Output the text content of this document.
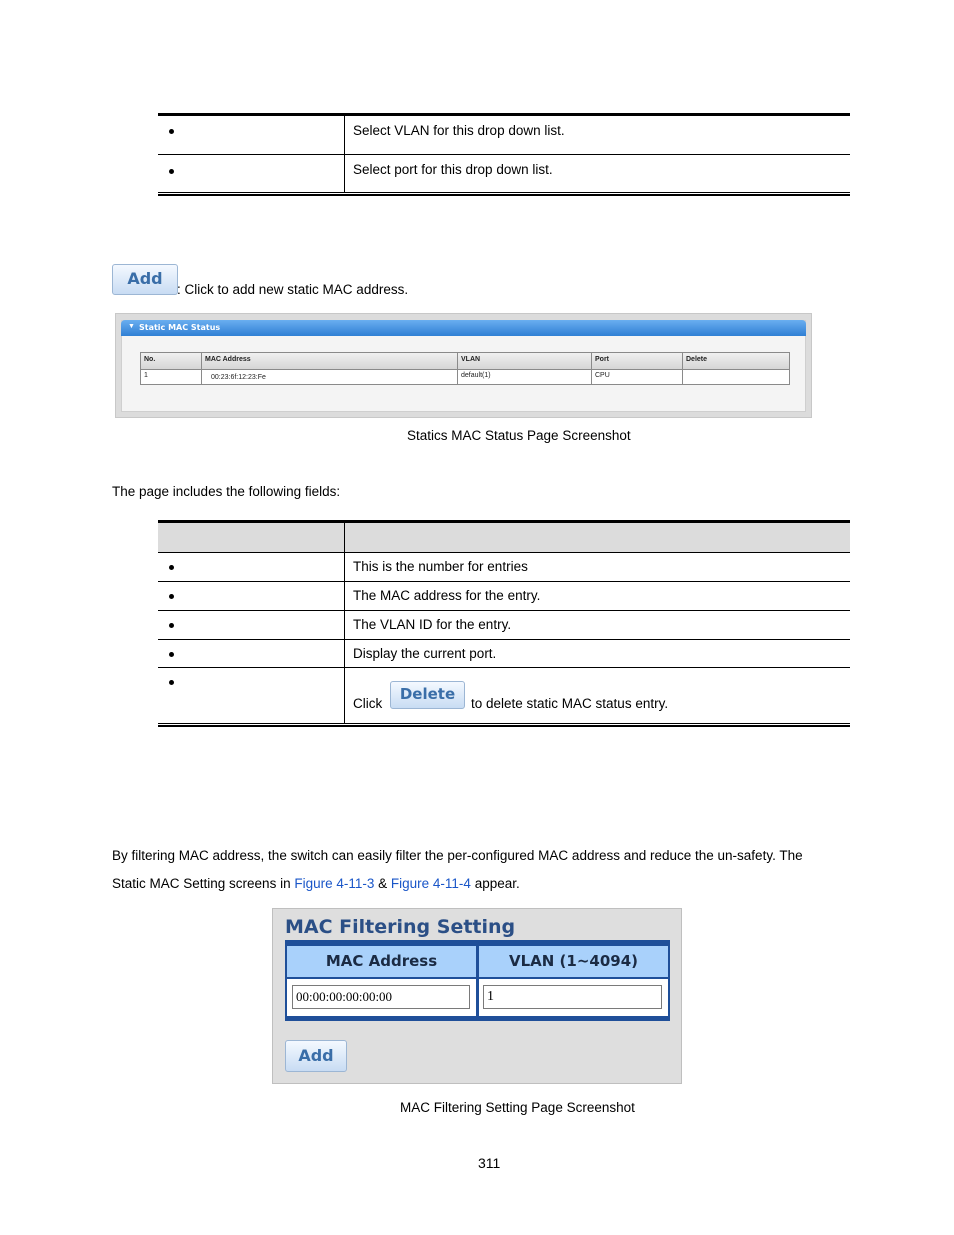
	Select VLAN for this drop down list.

	Select port for this drop down list.
Add
: Click to add new static MAC address.
▼ Static MAC Status
No.	MAC Address	VLAN	Port	Delete
1	00:23:6f:12:23:Fe	default(1)	CPU
Statics MAC Status Page Screenshot
The page includes the following fields:
This is the number for entries
The MAC address for the entry.
The VLAN ID for the entry.
Display the current port.
Click
Delete
to delete static MAC status entry.
By filtering MAC address, the switch can easily filter the per-configured MAC address and reduce the un-safety. The
Static MAC Setting screens in Figure 4-11-3 & Figure 4-11-4 appear.
MAC Filtering Setting
MAC Address	VLAN (1~4094)
00:00:00:00:00:00	1
Add
MAC Filtering Setting Page Screenshot
311
